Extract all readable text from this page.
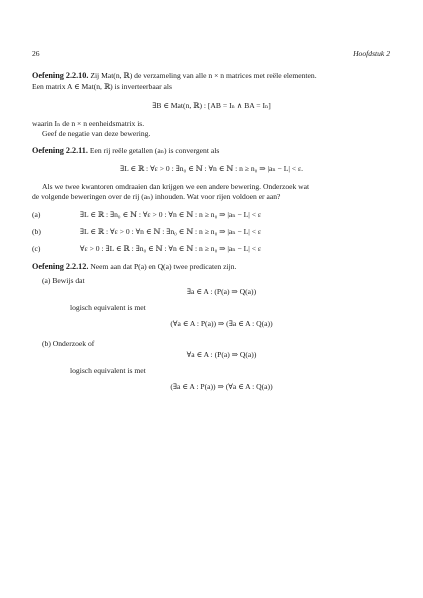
26	Hoofdstuk 2
Oefening 2.2.10. Zij Mat(n, ℝ) de verzameling van alle n × n matrices met reële elementen.
Een matrix A ∈ Mat(n, ℝ) is inverteerbaar als
∃B ∈ Mat(n, ℝ) : [AB = Iₙ ∧ BA = Iₙ]
waarin Iₙ de n × n eenheidsmatrix is.
Geef de negatie van deze bewering.
Oefening 2.2.11. Een rij reële getallen (aₙ) is convergent als
∃L ∈ ℝ : ∀ε > 0 : ∃n₀ ∈ ℕ : ∀n ∈ ℕ : n ≥ n₀ ⇒ |aₙ − L| < ε.
Als we twee kwantoren omdraaien dan krijgen we een andere bewering. Onderzoek wat
de volgende beweringen over de rij (aₙ) inhouden. Wat voor rijen voldoen er aan?
(a)	∃L ∈ ℝ : ∃n₀ ∈ ℕ : ∀ε > 0 : ∀n ∈ ℕ : n ≥ n₀ ⇒ |aₙ − L| < ε
(b)	∃L ∈ ℝ : ∀ε > 0 : ∀n ∈ ℕ : ∃n₀ ∈ ℕ : n ≥ n₀ ⇒ |aₙ − L| < ε
(c)	∀ε > 0 : ∃L ∈ ℝ : ∃n₀ ∈ ℕ : ∀n ∈ ℕ : n ≥ n₀ ⇒ |aₙ − L| < ε
Oefening 2.2.12. Neem aan dat P(a) en Q(a) twee predicaten zijn.
(a) Bewijs dat
∃a ∈ A : (P(a) ⇒ Q(a))
logisch equivalent is met
(∀a ∈ A : P(a)) ⇒ (∃a ∈ A : Q(a))
(b) Onderzoek of
∀a ∈ A : (P(a) ⇒ Q(a))
logisch equivalent is met
(∃a ∈ A : P(a)) ⇒ (∀a ∈ A : Q(a))
